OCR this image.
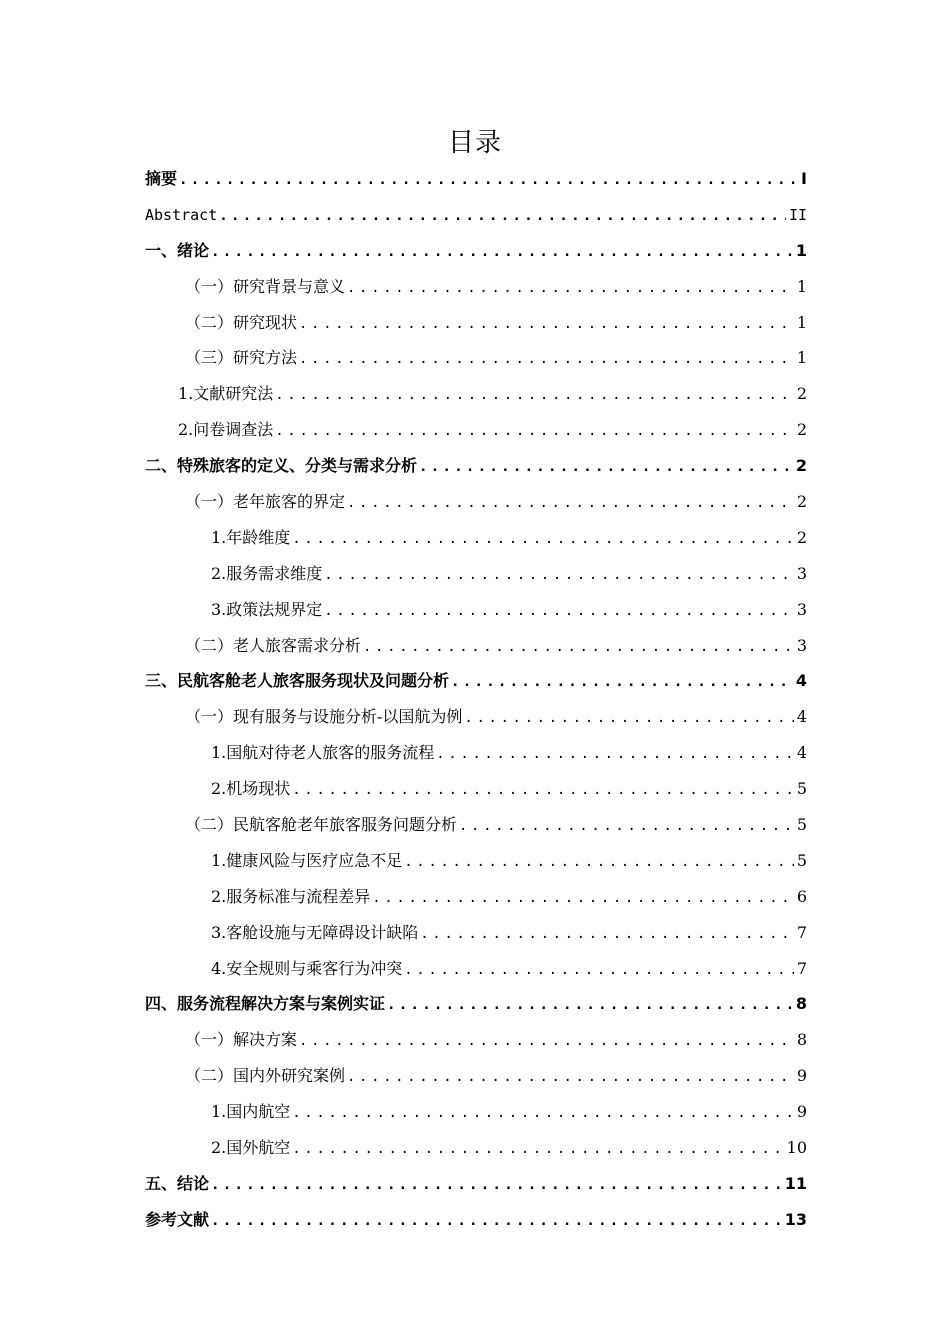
目录
摘要 .....	I
Abstract .....	II
一、绪论 .....	1
（一）研究背景与意义 .....	1
（二）研究现状 .....	1
（三）研究方法 .....	1
1.文献研究法 .....	2
2.问卷调查法 .....	2
二、特殊旅客的定义、分类与需求分析 .....	2
（一）老年旅客的界定 .....	2
1.年龄维度 .....	2
2.服务需求维度 .....	3
3.政策法规界定 .....	3
（二）老人旅客需求分析 .....	3
三、民航客舱老人旅客服务现状及问题分析 .....	4
（一）现有服务与设施分析-以国航为例 .....	4
1.国航对待老人旅客的服务流程 .....	4
2.机场现状 .....	5
（二）民航客舱老年旅客服务问题分析 .....	5
1.健康风险与医疗应急不足 .....	5
2.服务标准与流程差异 .....	6
3.客舱设施与无障碍设计缺陷 .....	7
4.安全规则与乘客行为冲突 .....	7
四、服务流程解决方案与案例实证 .....	8
（一）解决方案 .....	8
（二）国内外研究案例 .....	9
1.国内航空 .....	9
2.国外航空 .....	10
五、结论 .....	11
参考文献 .....	13
